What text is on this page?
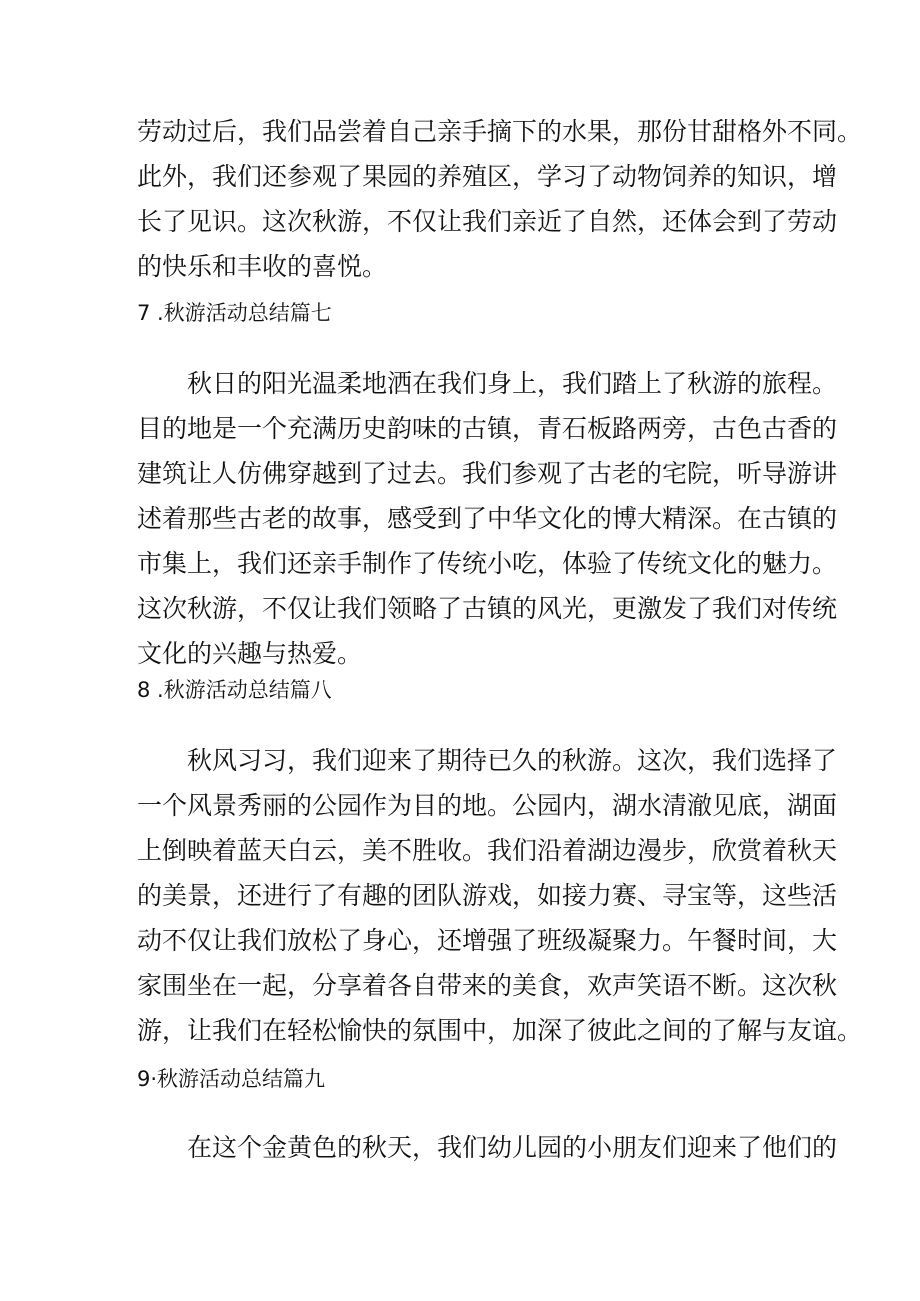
劳动过后，我们品尝着自己亲手摘下的水果，那份甘甜格外不同。
此外，我们还参观了果园的养殖区，学习了动物饲养的知识，增
长了见识。这次秋游，不仅让我们亲近了自然，还体会到了劳动
的快乐和丰收的喜悦。
7 .秋游活动总结篇七
秋日的阳光温柔地洒在我们身上，我们踏上了秋游的旅程。
目的地是一个充满历史韵味的古镇，青石板路两旁，古色古香的
建筑让人仿佛穿越到了过去。我们参观了古老的宅院，听导游讲
述着那些古老的故事，感受到了中华文化的博大精深。在古镇的
市集上，我们还亲手制作了传统小吃，体验了传统文化的魅力。
这次秋游，不仅让我们领略了古镇的风光，更激发了我们对传统
文化的兴趣与热爱。
8 .秋游活动总结篇八
秋风习习，我们迎来了期待已久的秋游。这次，我们选择了
一个风景秀丽的公园作为目的地。公园内，湖水清澈见底，湖面
上倒映着蓝天白云，美不胜收。我们沿着湖边漫步，欣赏着秋天
的美景，还进行了有趣的团队游戏，如接力赛、寻宝等，这些活
动不仅让我们放松了身心，还增强了班级凝聚力。午餐时间，大
家围坐在一起，分享着各自带来的美食，欢声笑语不断。这次秋
游，让我们在轻松愉快的氛围中，加深了彼此之间的了解与友谊。
9·秋游活动总结篇九
在这个金黄色的秋天，我们幼儿园的小朋友们迎来了他们的
